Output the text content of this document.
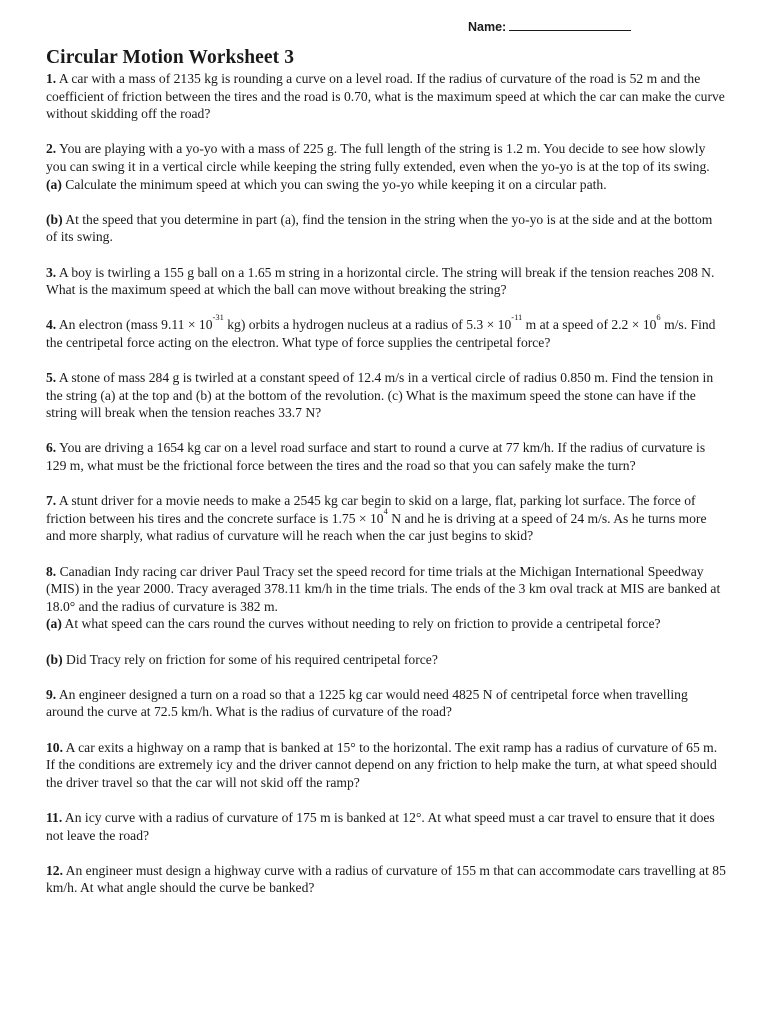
Name:
Circular Motion Worksheet 3

1. A car with a mass of 2135 kg is rounding a curve on a level road. If the radius of curvature of the road is 52 m and the coefficient of friction between the tires and the road is 0.70, what is the maximum speed at which the car can make the curve without skidding off the road?

2. You are playing with a yo-yo with a mass of 225 g. The full length of the string is 1.2 m. You decide to see how slowly you can swing it in a vertical circle while keeping the string fully extended, even when the yo-yo is at the top of its swing.

(a) Calculate the minimum speed at which you can swing the yo-yo while keeping it on a circular path.

(b) At the speed that you determine in part (a), find the tension in the string when the yo-yo is at the side and at the bottom of its swing.

3. A boy is twirling a 155 g ball on a 1.65 m string in a horizontal circle. The string will break if the tension reaches 208 N. What is the maximum speed at which the ball can move without breaking the string?

4. An electron (mass $9.11 \times 10^{-31}$ kg) orbits a hydrogen nucleus at a radius of $5.3 \times 10^{-11}$ m at a speed of $2.2 \times 10^6$ m/s. Find the centripetal force acting on the electron. What type of force supplies the centripetal force?

5. A stone of mass 284 g is twirled at a constant speed of 12.4 m/s in a vertical circle of radius 0.850 m. Find the tension in the string (a) at the top and (b) at the bottom of the revolution. (c) What is the maximum speed the stone can have if the string will break when the tension reaches 33.7 N?

6. You are driving a 1654 kg car on a level road surface and start to round a curve at 77 km/h. If the radius of curvature is 129 m, what must be the frictional force between the tires and the road so that you can safely make the turn?

7. A stunt driver for a movie needs to make a 2545 kg car begin to skid on a large, flat, parking lot surface. The force of friction between his tires and the concrete surface is $1.75 \times 10^4$ N and he is driving at a speed of 24 m/s. As he turns more and more sharply, what radius of curvature will he reach when the car just begins to skid?

8. Canadian Indy racing car driver Paul Tracy set the speed record for time trials at the Michigan International Speedway (MIS) in the year 2000. Tracy averaged 378.11 km/h in the time trials. The ends of the 3 km oval track at MIS are banked at 18.0° and the radius of curvature is 382 m.

(a) At what speed can the cars round the curves without needing to rely on friction to provide a centripetal force?

(b) Did Tracy rely on friction for some of his required centripetal force?

9. An engineer designed a turn on a road so that a 1225 kg car would need 4825 N of centripetal force when travelling around the curve at 72.5 km/h. What is the radius of curvature of the road?

10. A car exits a highway on a ramp that is banked at 15° to the horizontal. The exit ramp has a radius of curvature of 65 m. If the conditions are extremely icy and the driver cannot depend on any friction to help make the turn, at what speed should the driver travel so that the car will not skid off the ramp?

11. An icy curve with a radius of curvature of 175 m is banked at 12°. At what speed must a car travel to ensure that it does not leave the road?

12. An engineer must design a highway curve with a radius of curvature of 155 m that can accommodate cars travelling at 85 km/h. At what angle should the curve be banked?
